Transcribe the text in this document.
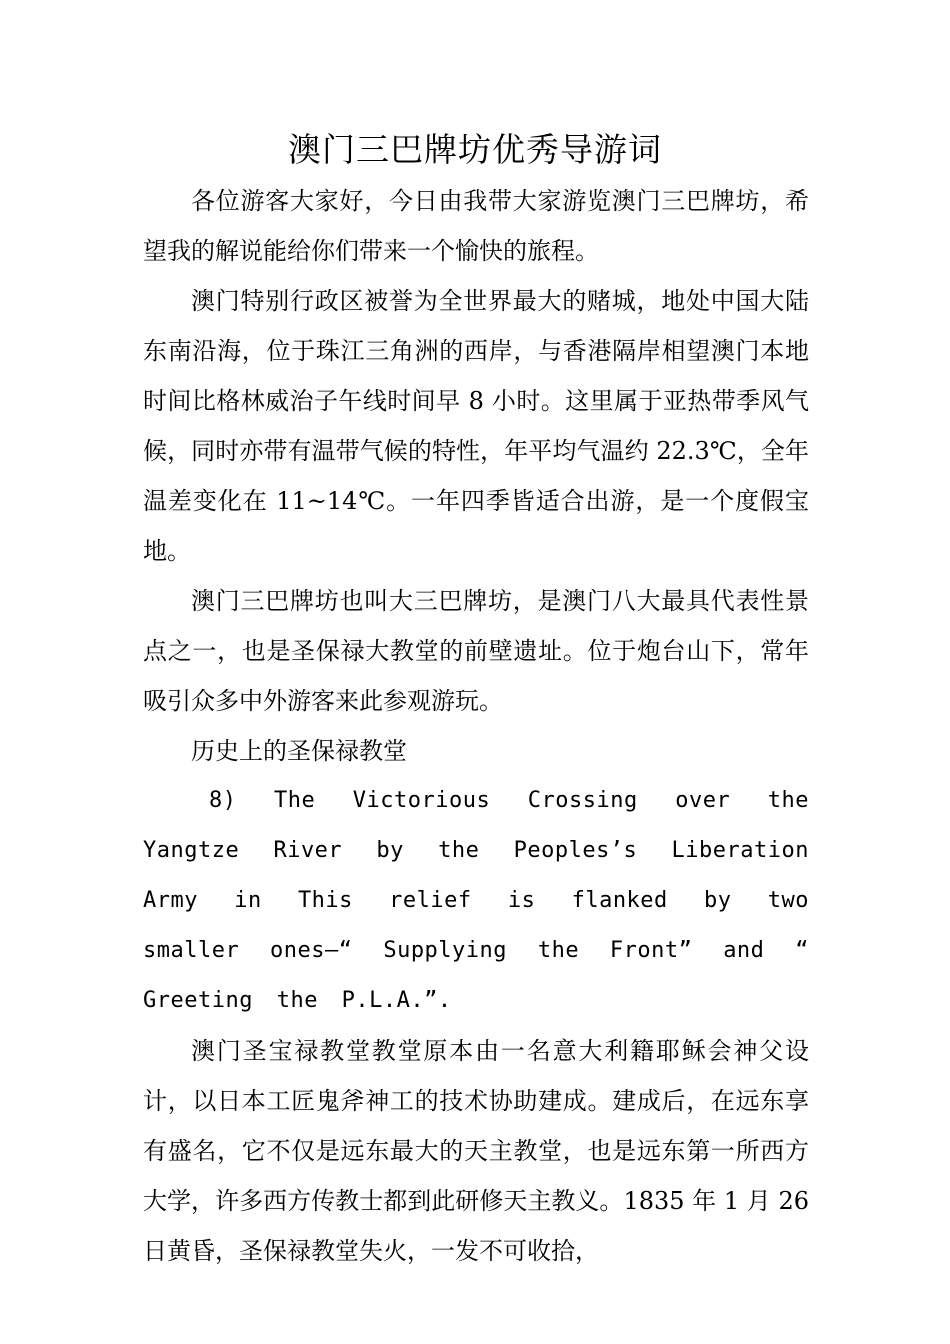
澳门三巴牌坊优秀导游词

各位游客大家好，今日由我带大家游览澳门三巴牌坊，希望我的解说能给你们带来一个愉快的旅程。

澳门特别行政区被誉为全世界最大的赌城，地处中国大陆东南沿海，位于珠江三角洲的西岸，与香港隔岸相望澳门本地时间比格林威治子午线时间早 8 小时。这里属于亚热带季风气候，同时亦带有温带气候的特性，年平均气温约 22.3℃，全年温差变化在 11~14℃。一年四季皆适合出游，是一个度假宝地。

澳门三巴牌坊也叫大三巴牌坊，是澳门八大最具代表性景点之一，也是圣保禄大教堂的前壁遗址。位于炮台山下，常年吸引众多中外游客来此参观游玩。

历史上的圣保禄教堂

8) The Victorious Crossing over the Yangtze River by the Peoples’s Liberation Army in This relief is flanked by two smaller ones—“ Supplying the Front” and “ Greeting the P.L.A.”.

澳门圣宝禄教堂教堂原本由一名意大利籍耶稣会神父设计，以日本工匠鬼斧神工的技术协助建成。建成后，在远东享有盛名，它不仅是远东最大的天主教堂，也是远东第一所西方大学，许多西方传教士都到此研修天主教义。1835 年 1 月 26 日黄昏，圣保禄教堂失火，一发不可收拾，
